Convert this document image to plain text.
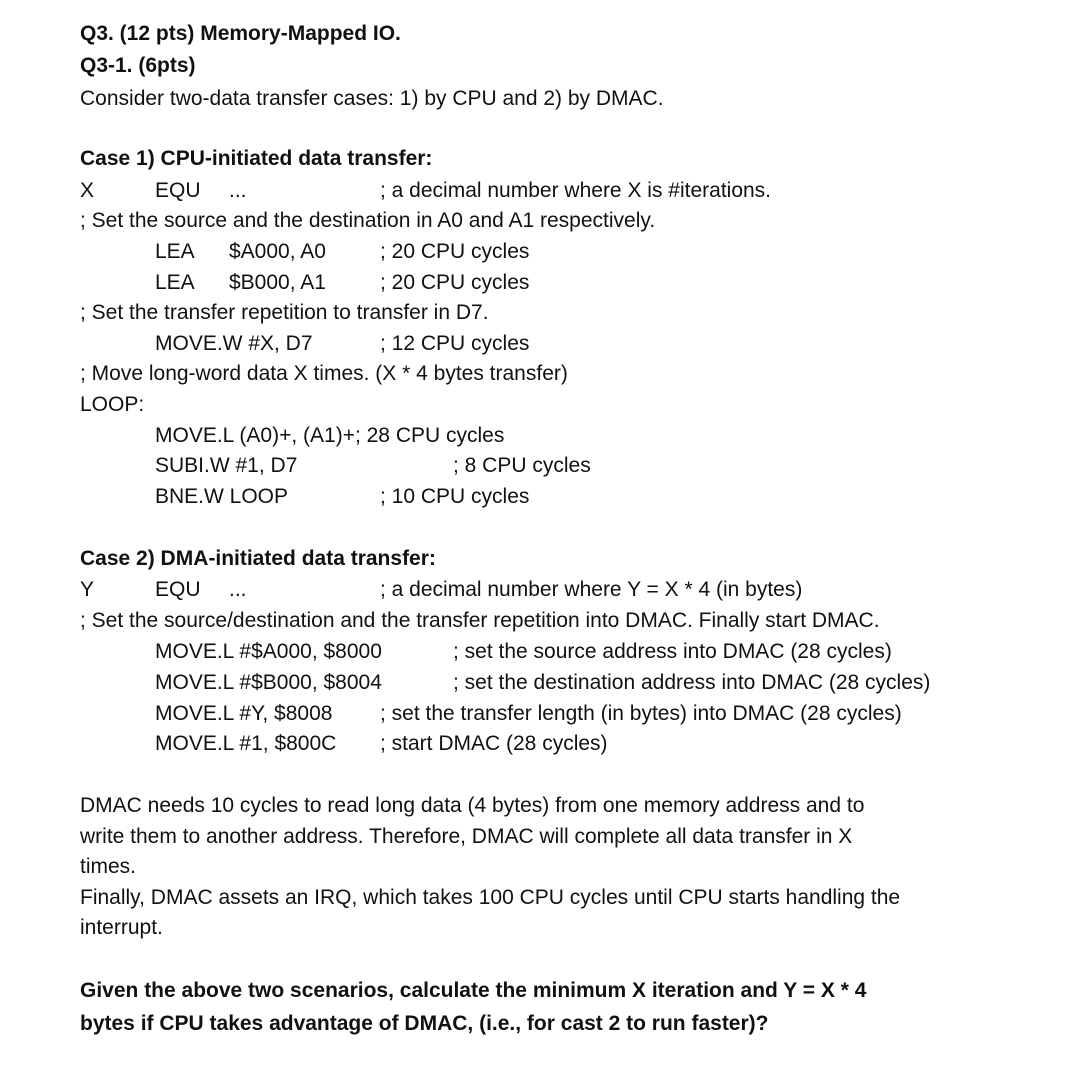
Q3. (12 pts) Memory-Mapped IO.
Q3-1. (6pts)
Consider two-data transfer cases: 1) by CPU and 2) by DMAC.
Case 1) CPU-initiated data transfer:
X	EQU ...	; a decimal number where X is #iterations.
; Set the source and the destination in A0 and A1 respectively.
LEA $A000, A0	; 20 CPU cycles
LEA $B000, A1	; 20 CPU cycles
; Set the transfer repetition to transfer in D7.
MOVE.W #X, D7	; 12 CPU cycles
; Move long-word data X times. (X * 4 bytes transfer)
LOOP:
MOVE.L (A0)+, (A1)+; 28 CPU cycles
SUBI.W #1, D7	; 8 CPU cycles
BNE.W LOOP	; 10 CPU cycles
Case 2) DMA-initiated data transfer:
Y	EQU ...	; a decimal number where Y = X * 4 (in bytes)
; Set the source/destination and the transfer repetition into DMAC. Finally start DMAC.
MOVE.L #$A000, $8000	; set the source address into DMAC (28 cycles)
MOVE.L #$B000, $8004	; set the destination address into DMAC (28 cycles)
MOVE.L #Y, $8008 ; set the transfer length (in bytes) into DMAC (28 cycles)
MOVE.L #1, $800C ; start DMAC (28 cycles)
DMAC needs 10 cycles to read long data (4 bytes) from one memory address and to
write them to another address. Therefore, DMAC will complete all data transfer in X
times.
Finally, DMAC assets an IRQ, which takes 100 CPU cycles until CPU starts handling the
interrupt.
Given the above two scenarios, calculate the minimum X iteration and Y = X * 4
bytes if CPU takes advantage of DMAC, (i.e., for cast 2 to run faster)?
